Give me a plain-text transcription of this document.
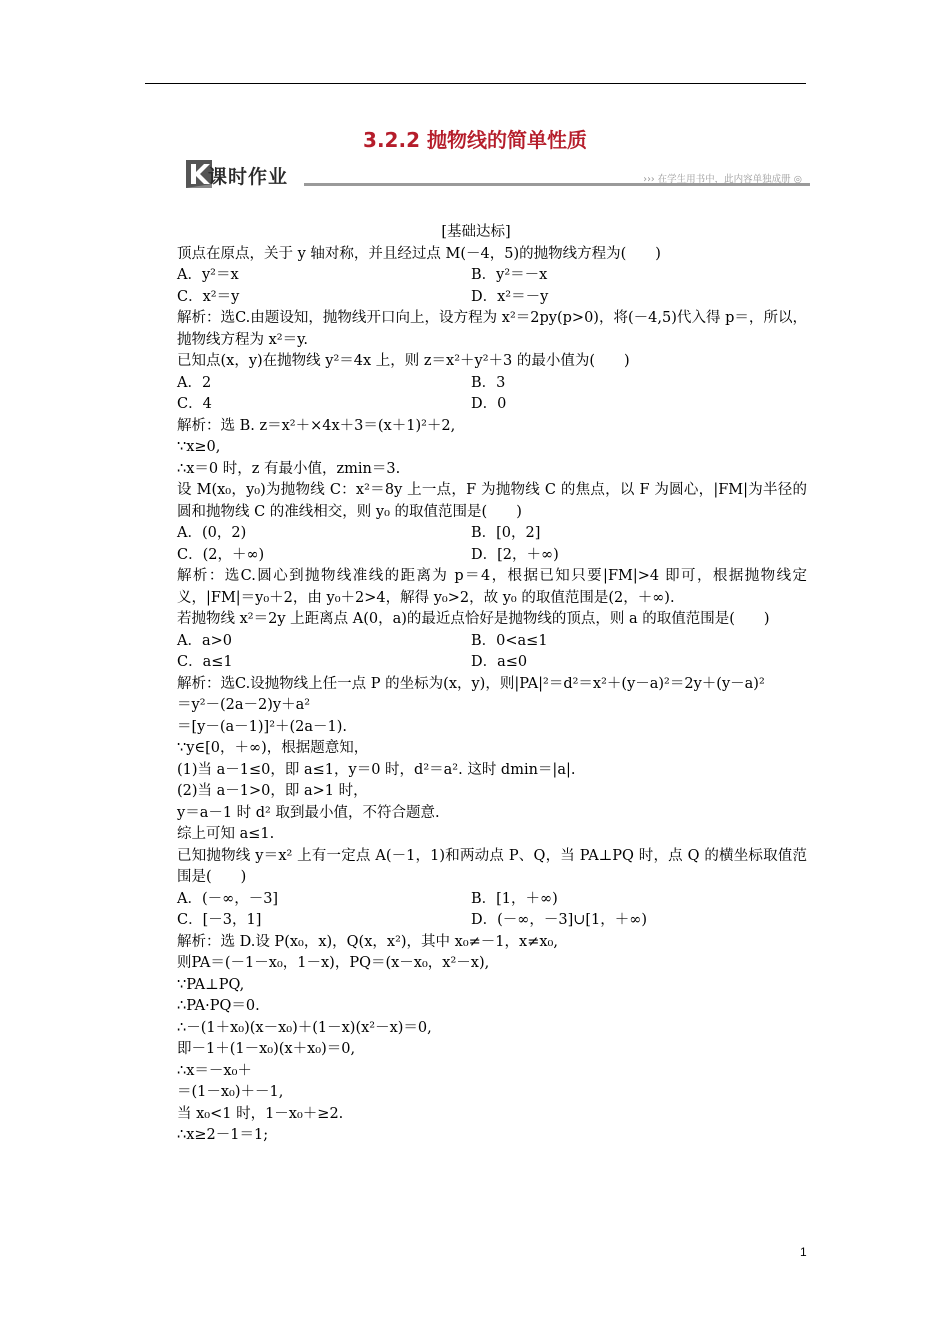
3.2.2 抛物线的简单性质
课时作业	››› 在学生用书中，此内容单独成册 ◎
[基础达标]
顶点在原点，关于 y 轴对称，并且经过点 M(－4，5)的抛物线方程为(　　)
A．y²＝x	B．y²＝－x
C．x²＝y	D．x²＝－y
解析：选C.由题设知，抛物线开口向上，设方程为 x²＝2py(p>0)，将(－4,5)代入得 p＝，所以，抛物线方程为 x²＝y.
已知点(x，y)在抛物线 y²＝4x 上，则 z＝x²＋y²＋3 的最小值为(　　)
A．2	B．3
C．4	D．0
解析：选 B. z＝x²＋×4x＋3＝(x＋1)²＋2,
∵x≥0,
∴x＝0 时，z 有最小值，zmin＝3.
设 M(x₀，y₀)为抛物线 C：x²＝8y 上一点，F 为抛物线 C 的焦点，以 F 为圆心，|FM|为半径的圆和抛物线 C 的准线相交，则 y₀ 的取值范围是(　　)
A．(0，2)	B．[0，2]
C．(2，＋∞)	D．[2，＋∞)
解析：选C.圆心到抛物线准线的距离为 p＝4，根据已知只要|FM|>4 即可，根据抛物线定义，|FM|＝y₀＋2，由 y₀＋2>4，解得 y₀>2，故 y₀ 的取值范围是(2，＋∞).
若抛物线 x²＝2y 上距离点 A(0，a)的最近点恰好是抛物线的顶点，则 a 的取值范围是(　　)
A．a>0	B．0<a≤1
C．a≤1	D．a≤0
解析：选C.设抛物线上任一点 P 的坐标为(x，y)，则|PA|²＝d²＝x²＋(y－a)²＝2y＋(y－a)²
＝y²－(2a－2)y＋a²
＝[y－(a－1)]²＋(2a－1).
∵y∈[0，＋∞)，根据题意知，
(1)当 a－1≤0，即 a≤1，y＝0 时，d²＝a². 这时 dmin＝|a|.
(2)当 a－1>0，即 a>1 时，
y＝a－1 时 d² 取到最小值，不符合题意.
综上可知 a≤1.
已知抛物线 y＝x² 上有一定点 A(－1，1)和两动点 P、Q，当 PA⊥PQ 时，点 Q 的横坐标取值范围是(　　)
A．(－∞，－3]	B．[1，＋∞)
C．[－3，1]	D．(－∞，－3]∪[1，＋∞)
解析：选 D.设 P(x₀，x)，Q(x，x²)，其中 x₀≠－1，x≠x₀,
则PA＝(－1－x₀，1－x)，PQ＝(x－x₀，x²－x),
∵PA⊥PQ,
∴PA·PQ＝0.
∴－(1＋x₀)(x－x₀)＋(1－x)(x²－x)＝0,
即－1＋(1－x₀)(x＋x₀)＝0,
∴x＝－x₀＋
＝(1－x₀)＋－1,
当 x₀<1 时，1－x₀＋≥2.
∴x≥2－1＝1;
1
